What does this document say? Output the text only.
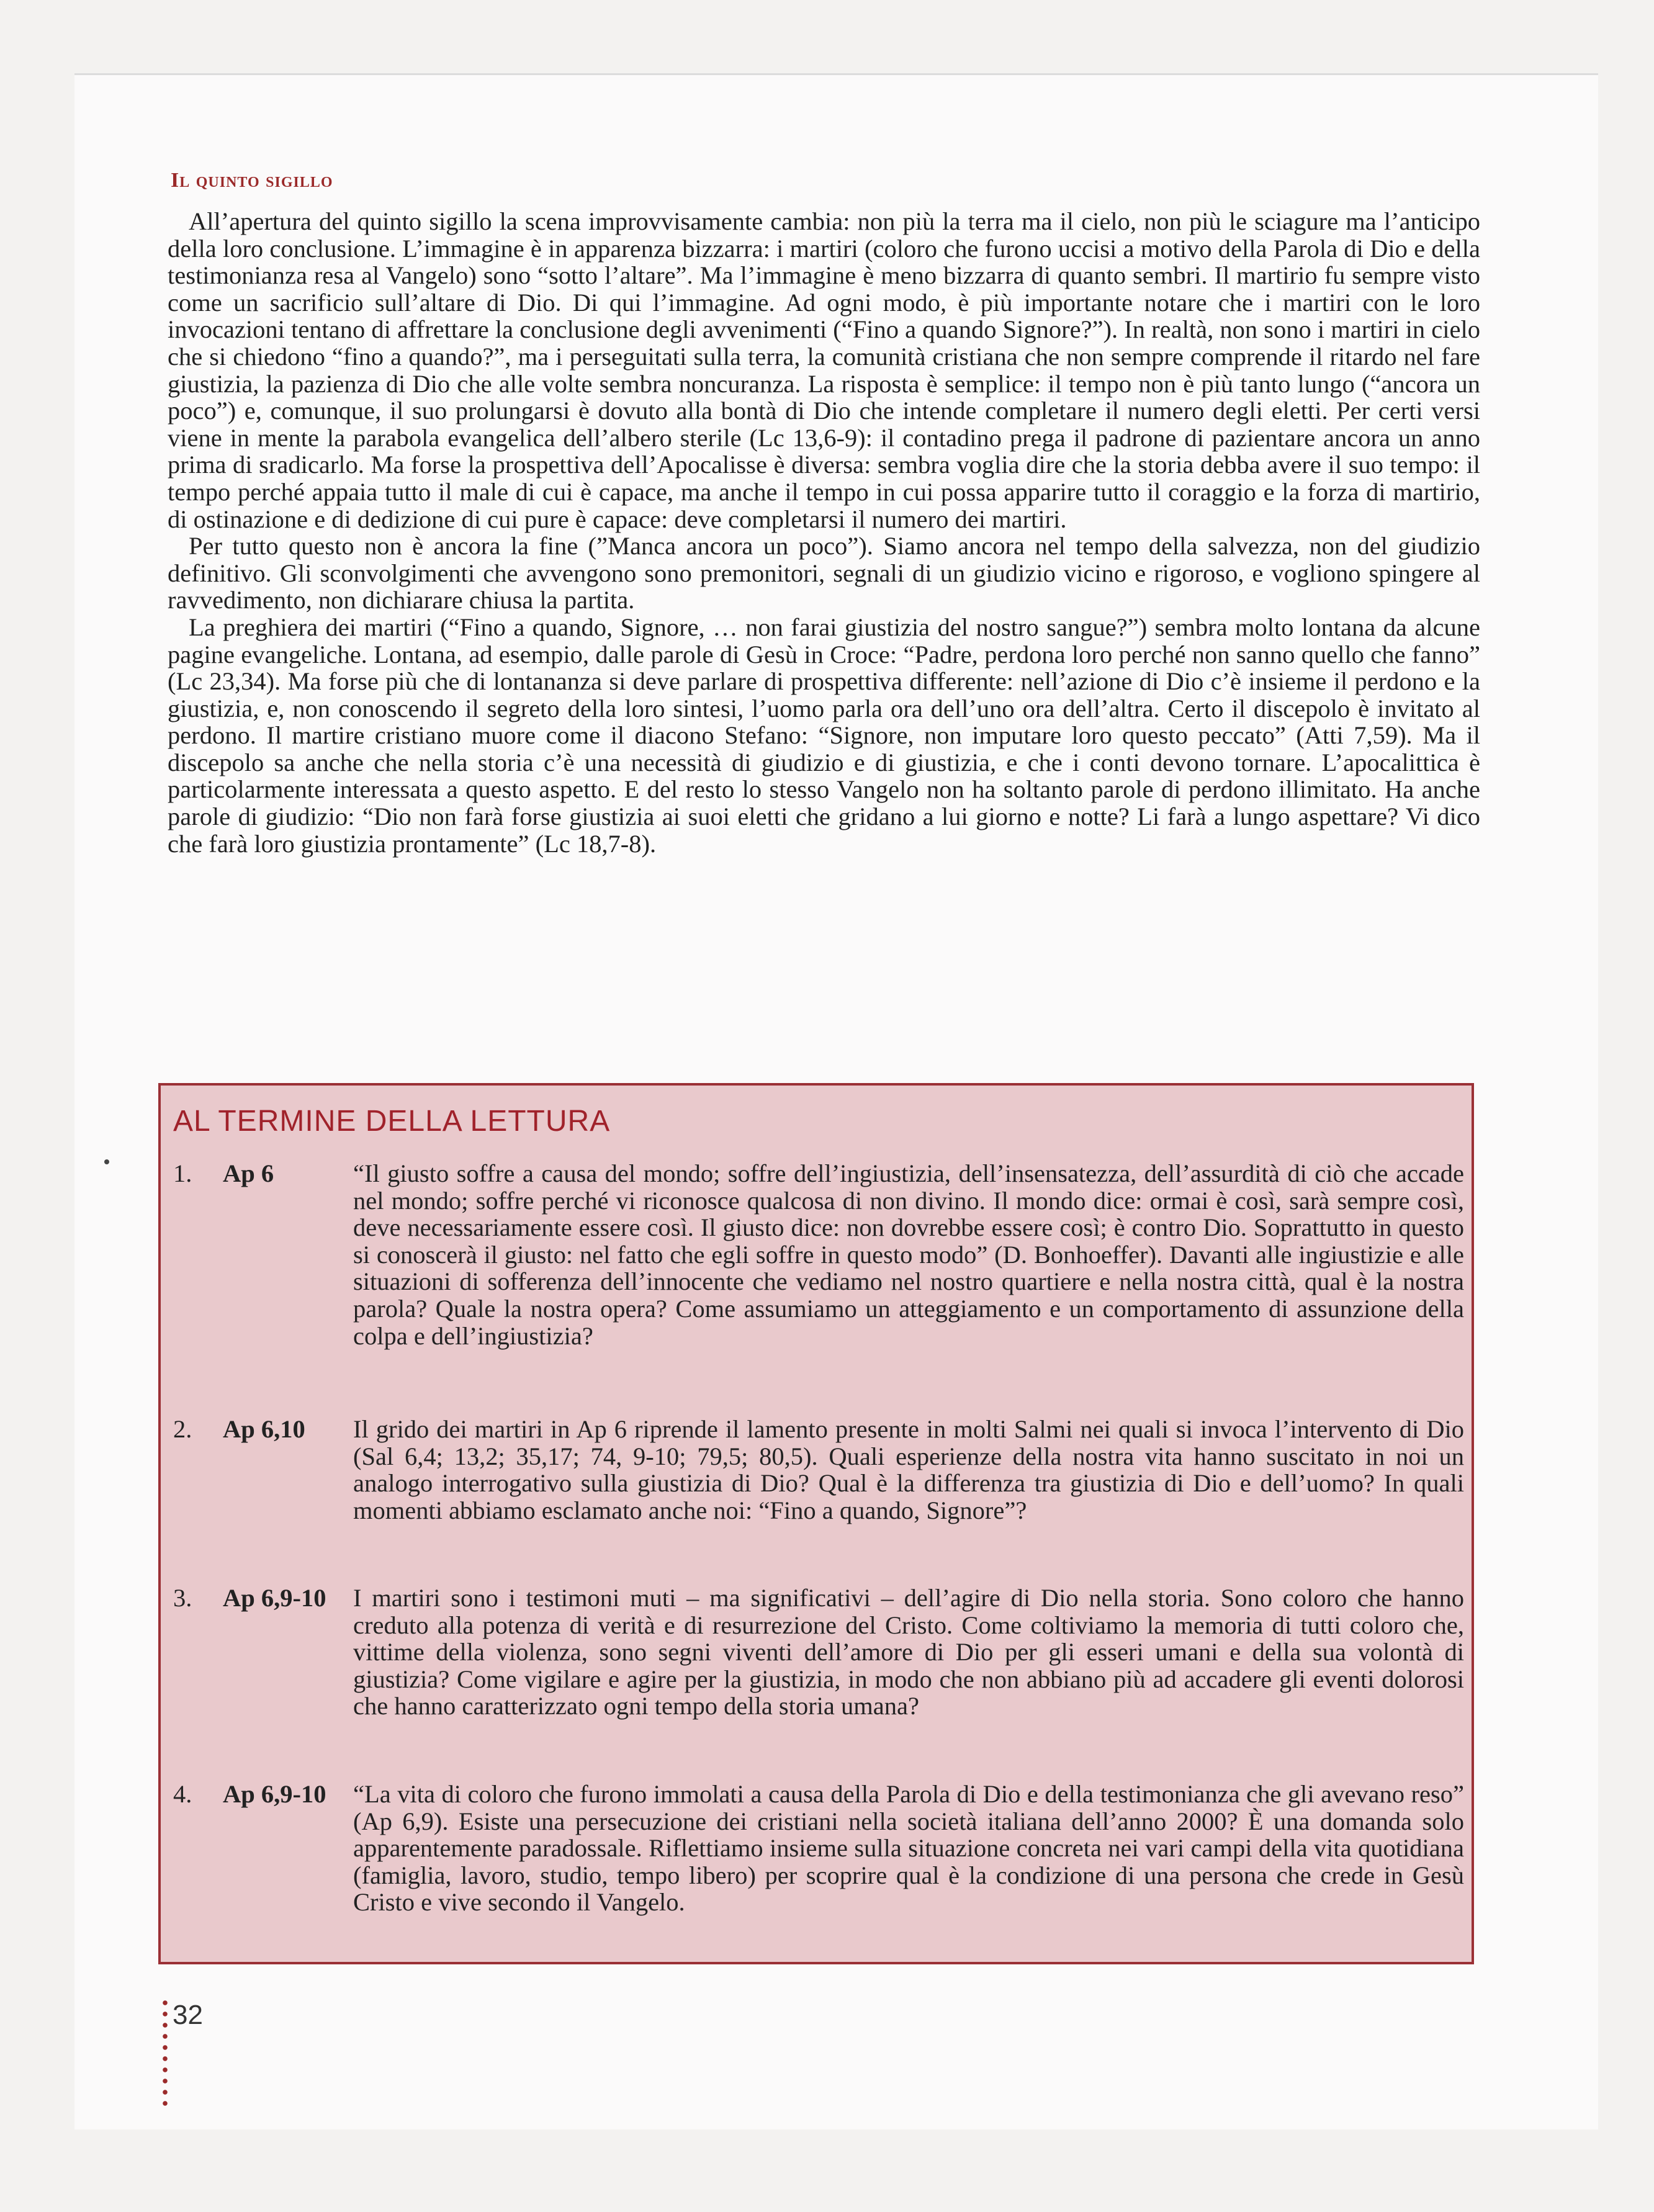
Il quinto sigillo

All’apertura del quinto sigillo la scena improvvisamente cambia: non più la terra ma il cielo, non più le sciagure ma l’anticipo della loro conclusione. L’immagine è in apparenza bizzarra: i martiri (coloro che furono uccisi a motivo della Parola di Dio e della testimonianza resa al Vangelo) sono “sotto l’altare”. Ma l’immagine è meno bizzarra di quanto sembri. Il martirio fu sempre visto come un sacrificio sull’altare di Dio. Di qui l’immagine. Ad ogni modo, è più importante notare che i martiri con le loro invocazioni tentano di affrettare la conclusione degli avvenimenti (“Fino a quando Signore?”). In realtà, non sono i martiri in cielo che si chiedono “fino a quando?”, ma i perseguitati sulla terra, la comunità cristiana che non sempre comprende il ritardo nel fare giustizia, la pazienza di Dio che alle volte sembra noncuranza. La risposta è semplice: il tempo non è più tanto lungo (“ancora un poco”) e, comunque, il suo prolungarsi è dovuto alla bontà di Dio che intende completare il numero degli eletti. Per certi versi viene in mente la parabola evangelica dell’albero sterile (Lc 13,6-9): il contadino prega il padrone di pazientare ancora un anno prima di sradicarlo. Ma forse la prospettiva dell’Apocalisse è diversa: sembra voglia dire che la storia debba avere il suo tempo: il tempo perché appaia tutto il male di cui è capace, ma anche il tempo in cui possa apparire tutto il coraggio e la forza di martirio, di ostinazione e di dedizione di cui pure è capace: deve completarsi il numero dei martiri.

Per tutto questo non è ancora la fine (”Manca ancora un poco”). Siamo ancora nel tempo della salvezza, non del giudizio definitivo. Gli sconvolgimenti che avvengono sono premonitori, segnali di un giudizio vicino e rigoroso, e vogliono spingere al ravvedimento, non dichiarare chiusa la partita.

La preghiera dei martiri (“Fino a quando, Signore, … non farai giustizia del nostro sangue?”) sembra molto lontana da alcune pagine evangeliche. Lontana, ad esempio, dalle parole di Gesù in Croce: “Padre, perdona loro perché non sanno quello che fanno” (Lc 23,34). Ma forse più che di lontananza si deve parlare di prospettiva differente: nell’azione di Dio c’è insieme il perdono e la giustizia, e, non conoscendo il segreto della loro sintesi, l’uomo parla ora dell’uno ora dell’altra. Certo il discepolo è invitato al perdono. Il martire cristiano muore come il diacono Stefano: “Signore, non imputare loro questo peccato” (Atti 7,59). Ma il discepolo sa anche che nella storia c’è una necessità di giudizio e di giustizia, e che i conti devono tornare. L’apocalittica è particolarmente interessata a questo aspetto. E del resto lo stesso Vangelo non ha soltanto parole di perdono illimitato. Ha anche parole di giudizio: “Dio non farà forse giustizia ai suoi eletti che gridano a lui giorno e notte? Li farà a lungo aspettare? Vi dico che farà loro giustizia prontamente” (Lc 18,7-8).

AL TERMINE DELLA LETTURA
1. Ap 6	“Il giusto soffre a causa del mondo; soffre dell’ingiustizia, dell’insensatezza, dell’assurdità di ciò che accade nel mondo; soffre perché vi riconosce qualcosa di non divino. Il mondo dice: ormai è così, sarà sempre così, deve necessariamente essere così. Il giusto dice: non dovrebbe essere così; è contro Dio. Soprattutto in questo si conoscerà il giusto: nel fatto che egli soffre in questo modo” (D. Bonhoeffer). Davanti alle ingiustizie e alle situazioni di sofferenza dell’innocente che vediamo nel nostro quartiere e nella nostra città, qual è la nostra parola? Quale la nostra opera? Come assumiamo un atteggiamento e un comportamento di assunzione della colpa e dell’ingiustizia?
2. Ap 6,10 Il grido dei martiri in Ap 6 riprende il lamento presente in molti Salmi nei quali si invoca l’intervento di Dio (Sal 6,4; 13,2; 35,17; 74, 9-10; 79,5; 80,5). Quali esperienze della nostra vita hanno suscitato in noi un analogo interrogativo sulla giustizia di Dio? Qual è la differenza tra giustizia di Dio e dell’uomo? In quali momenti abbiamo esclamato anche noi: “Fino a quando, Signore”?
3. Ap 6,9-10 I martiri sono i testimoni muti – ma significativi – dell’agire di Dio nella storia. Sono coloro che hanno creduto alla potenza di verità e di resurrezione del Cristo. Come coltiviamo la memoria di tutti coloro che, vittime della violenza, sono segni viventi dell’amore di Dio per gli esseri umani e della sua volontà di giustizia? Come vigilare e agire per la giustizia, in modo che non abbiano più ad accadere gli eventi dolorosi che hanno caratterizzato ogni tempo della storia umana?
4. Ap 6,9-10 “La vita di coloro che furono immolati a causa della Parola di Dio e della testimonianza che gli avevano reso” (Ap 6,9). Esiste una persecuzione dei cristiani nella società italiana dell’anno 2000? È una domanda solo apparentemente paradossale. Riflettiamo insieme sulla situazione concreta nei vari campi della vita quotidiana (famiglia, lavoro, studio, tempo libero) per scoprire qual è la condizione di una persona che crede in Gesù Cristo e vive secondo il Vangelo.
32
